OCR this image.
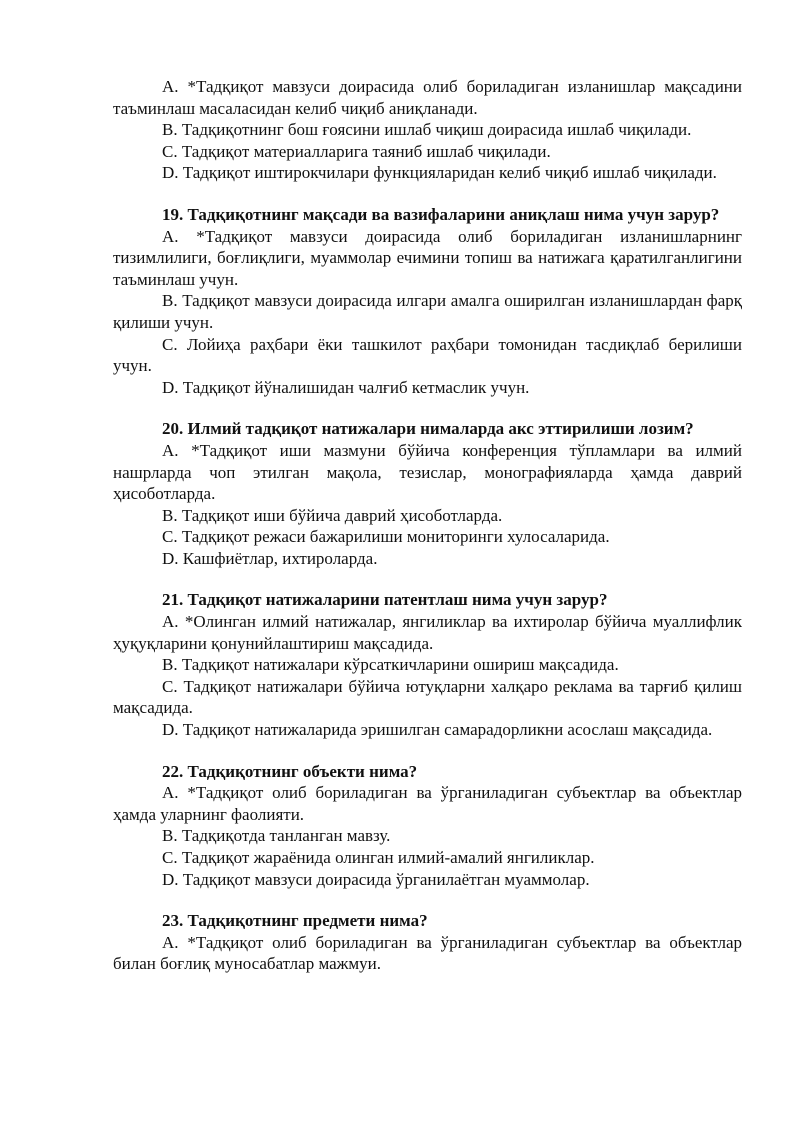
A. *Тадқиқот мавзуси доирасида олиб бориладиган изланишлар мақсадини таъминлаш масаласидан келиб чиқиб аниқланади.

B. Тадқиқотнинг бош ғоясини ишлаб чиқиш доирасида ишлаб чиқилади.

C. Тадқиқот материалларига таяниб ишлаб чиқилади.

D. Тадқиқот иштирокчилари функцияларидан келиб чиқиб ишлаб чиқилади.

19. Тадқиқотнинг мақсади ва вазифаларини аниқлаш нима учун зарур?

A. *Тадқиқот мавзуси доирасида олиб бориладиган изланишларнинг тизимлилиги, боғлиқлиги, муаммолар ечимини топиш ва натижага қаратилганлигини таъминлаш учун.

B. Тадқиқот мавзуси доирасида илгари амалга оширилган изланишлардан фарқ қилиши учун.

C. Лойиҳа раҳбари ёки ташкилот раҳбари томонидан тасдиқлаб берилиши учун.

D. Тадқиқот йўналишидан чалғиб кетмаслик учун.

20. Илмий тадқиқот натижалари нималарда акс эттирилиши лозим?

A. *Тадқиқот иши мазмуни бўйича конференция тўпламлари ва илмий нашрларда чоп этилган мақола, тезислар, монографияларда ҳамда даврий ҳисоботларда.

B. Тадқиқот иши бўйича даврий ҳисоботларда.

C. Тадқиқот режаси бажарилиши мониторинги хулосаларида.

D. Кашфиётлар, ихтироларда.

21. Тадқиқот натижаларини патентлаш нима учун зарур?

A. *Олинган илмий натижалар, янгиликлар ва ихтиролар бўйича муаллифлик ҳуқуқларини қонунийлаштириш мақсадида.

B. Тадқиқот натижалари кўрсаткичларини ошириш мақсадида.

C. Тадқиқот натижалари бўйича ютуқларни халқаро реклама ва тарғиб қилиш мақсадида.

D. Тадқиқот натижаларида эришилган самарадорликни асослаш мақсадида.

22. Тадқиқотнинг объекти нима?

A. *Тадқиқот олиб бориладиган ва ўрганиладиган субъектлар ва объектлар ҳамда уларнинг фаолияти.

B. Тадқиқотда танланган мавзу.

C. Тадқиқот жараёнида олинган илмий-амалий янгиликлар.

D. Тадқиқот мавзуси доирасида ўрганилаётган муаммолар.

23. Тадқиқотнинг предмети нима?

A. *Тадқиқот олиб бориладиган ва ўрганиладиган субъектлар ва объектлар билан боғлиқ муносабатлар мажмуи.
